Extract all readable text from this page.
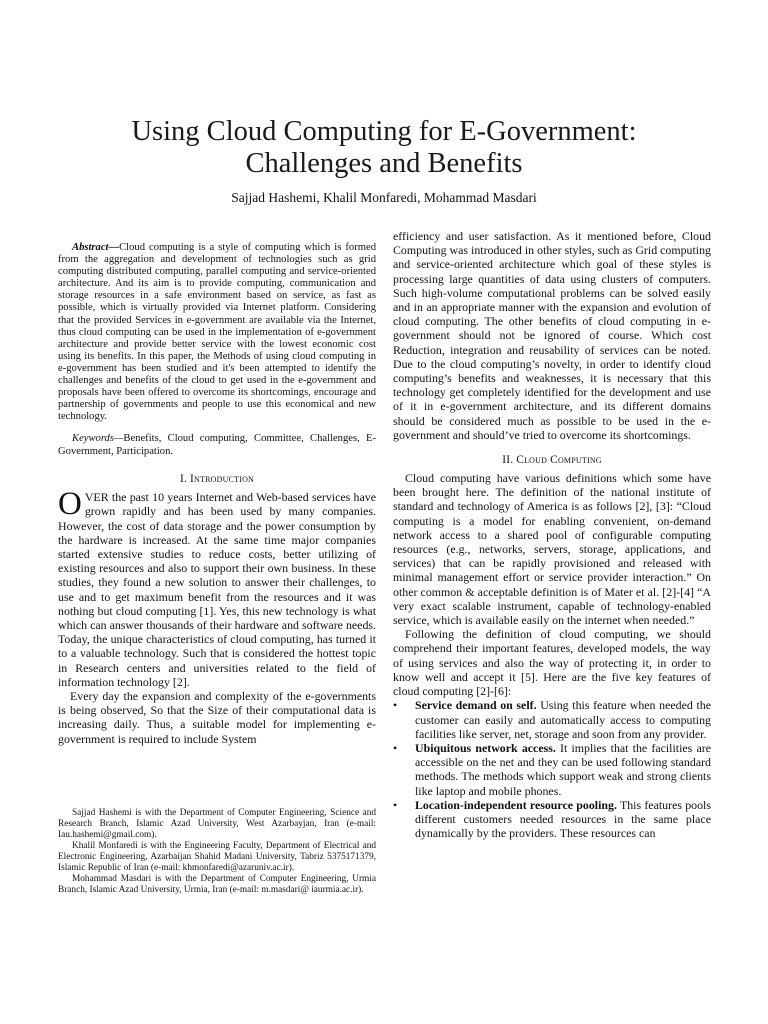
Using Cloud Computing for E-Government:
Challenges and Benefits
Sajjad Hashemi, Khalil Monfaredi, Mohammad Masdari

Abstract—Cloud computing is a style of computing which is formed from the aggregation and development of technologies such as grid computing distributed computing, parallel computing and service-oriented architecture. And its aim is to provide computing, communication and storage resources in a safe environment based on service, as fast as possible, which is virtually provided via Internet platform. Considering that the provided Services in e-government are available via the Internet, thus cloud computing can be used in the implementation of e-government architecture and provide better service with the lowest economic cost using its benefits. In this paper, the Methods of using cloud computing in e-government has been studied and it's been attempted to identify the challenges and benefits of the cloud to get used in the e-government and proposals have been offered to overcome its shortcomings, encourage and partnership of governments and people to use this economical and new technology.

Keywords—Benefits, Cloud computing, Committee, Challenges, E-Government, Participation.

I. Introduction

OVER the past 10 years Internet and Web-based services have grown rapidly and has been used by many companies. However, the cost of data storage and the power consumption by the hardware is increased. At the same time major companies started extensive studies to reduce costs, better utilizing of existing resources and also to support their own business. In these studies, they found a new solution to answer their challenges, to use and to get maximum benefit from the resources and it was nothing but cloud computing [1]. Yes, this new technology is what which can answer thousands of their hardware and software needs. Today, the unique characteristics of cloud computing, has turned it to a valuable technology. Such that is considered the hottest topic in Research centers and universities related to the field of information technology [2].

Every day the expansion and complexity of the e-governments is being observed, So that the Size of their computational data is increasing daily. Thus, a suitable model for implementing e-government is required to include System

Sajjad Hashemi is with the Department of Computer Engineering, Science and Research Branch, Islamic Azad University, West Azarbayjan, Iran (e-mail: Iau.hashemi@gmail.com).

Khalil Monfaredi is with the Engineering Faculty, Department of Electrical and Electronic Engineering, Azarbaijan Shahid Madani University, Tabriz 5375171379, Islamic Republic of Iran (e-mail: khmonfaredi@azaruniv.ac.ir).

Mohammad Masdari is with the Department of Computer Engineering, Urmia Branch, Islamic Azad University, Urmia, Iran (e-mail: m.masdari@ iaurmia.ac.ir).

efficiency and user satisfaction. As it mentioned before, Cloud Computing was introduced in other styles, such as Grid computing and service-oriented architecture which goal of these styles is processing large quantities of data using clusters of computers. Such high-volume computational problems can be solved easily and in an appropriate manner with the expansion and evolution of cloud computing. The other benefits of cloud computing in e-government should not be ignored of course. Which cost Reduction, integration and reusability of services can be noted. Due to the cloud computing’s novelty, in order to identify cloud computing’s benefits and weaknesses, it is necessary that this technology get completely identified for the development and use of it in e-government architecture, and its different domains should be considered much as possible to be used in the e-government and should’ve tried to overcome its shortcomings.

II. Cloud Computing

Cloud computing have various definitions which some have been brought here. The definition of the national institute of standard and technology of America is as follows [2], [3]: “Cloud computing is a model for enabling convenient, on-demand network access to a shared pool of configurable computing resources (e.g., networks, servers, storage, applications, and services) that can be rapidly provisioned and released with minimal management effort or service provider interaction.” On other common & acceptable definition is of Mater et al. [2]-[4] “A very exact scalable instrument, capable of technology-enabled service, which is available easily on the internet when needed.”

Following the definition of cloud computing, we should comprehend their important features, developed models, the way of using services and also the way of protecting it, in order to know well and accept it [5]. Here are the five key features of cloud computing [2]-[6]:

• Service demand on self. Using this feature when needed the customer can easily and automatically access to computing facilities like server, net, storage and soon from any provider.
• Ubiquitous network access. It implies that the facilities are accessible on the net and they can be used following standard methods. The methods which support weak and strong clients like laptop and mobile phones.
• Location-independent resource pooling. This features pools different customers needed resources in the same place dynamically by the providers. These resources can
